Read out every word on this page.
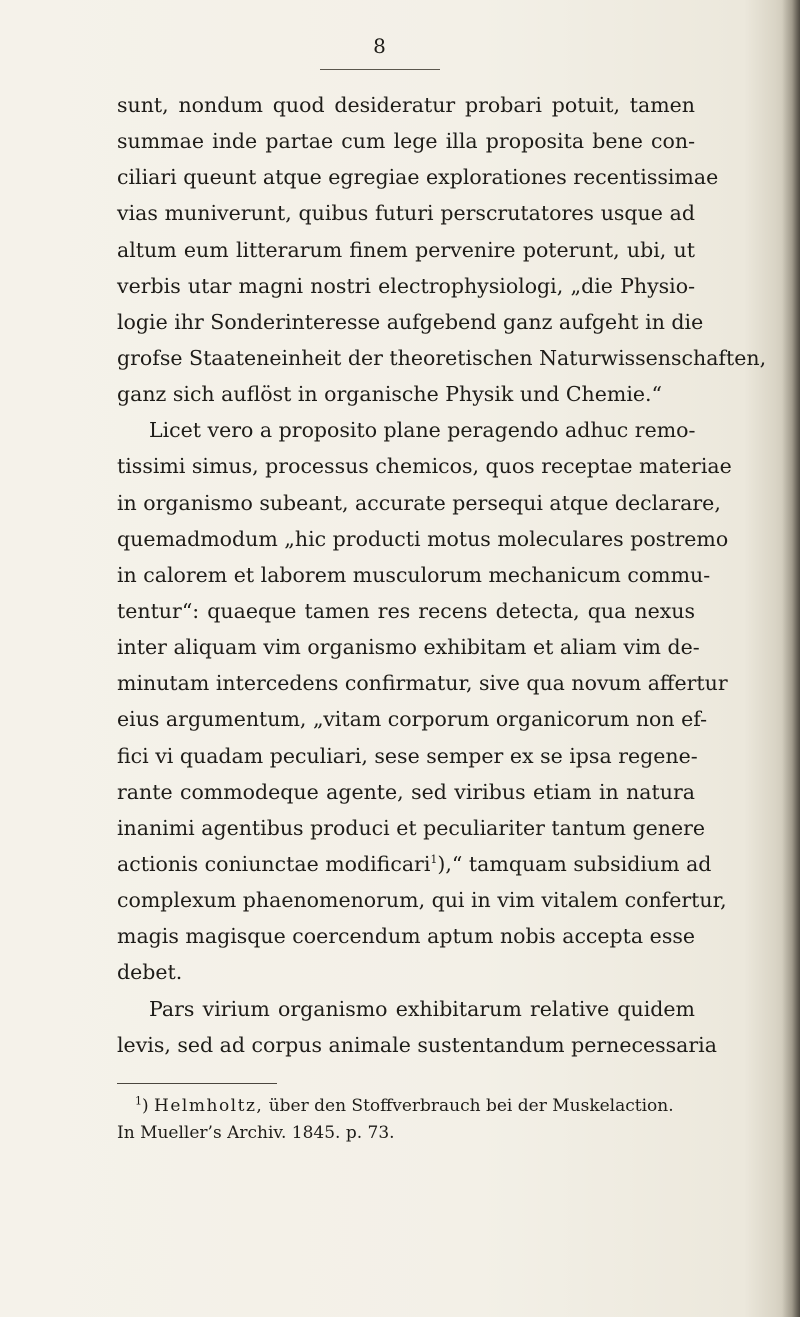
8
sunt, nondum quod desideratur probari potuit, tamen
summae inde partae cum lege illa proposita bene con-
ciliari queunt atque egregiae explorationes recentissimae
vias muniverunt, quibus futuri perscrutatores usque ad
altum eum litterarum finem pervenire poterunt, ubi, ut
verbis utar magni nostri electrophysiologi, „die Physio-
logie ihr Sonderinteresse aufgebend ganz aufgeht in die
grofse Staateneinheit der theoretischen Naturwissenschaften,
ganz sich auflöst in organische Physik und Chemie.“
Licet vero a proposito plane peragendo adhuc remo-
tissimi simus, processus chemicos, quos receptae materiae
in organismo subeant, accurate persequi atque declarare,
quemadmodum „hic producti motus moleculares postremo
in calorem et laborem musculorum mechanicum commu-
tentur“: quaeque tamen res recens detecta, qua nexus
inter aliquam vim organismo exhibitam et aliam vim de-
minutam intercedens confirmatur, sive qua novum affertur
eius argumentum, „vitam corporum organicorum non ef-
fici vi quadam peculiari, sese semper ex se ipsa regene-
rante commodeque agente, sed viribus etiam in natura
inanimi agentibus produci et peculiariter tantum genere
actionis coniunctae modificari$^1$),“ tamquam subsidium ad
complexum phaenomenorum, qui in vim vitalem confertur,
magis magisque coercendum aptum nobis accepta esse
debet.
Pars virium organismo exhibitarum relative quidem
levis, sed ad corpus animale sustentandum pernecessaria
$^1$) Helmholtz, über den Stoffverbrauch bei der Muskelaction.
In Mueller’s Archiv. 1845. p. 73.
